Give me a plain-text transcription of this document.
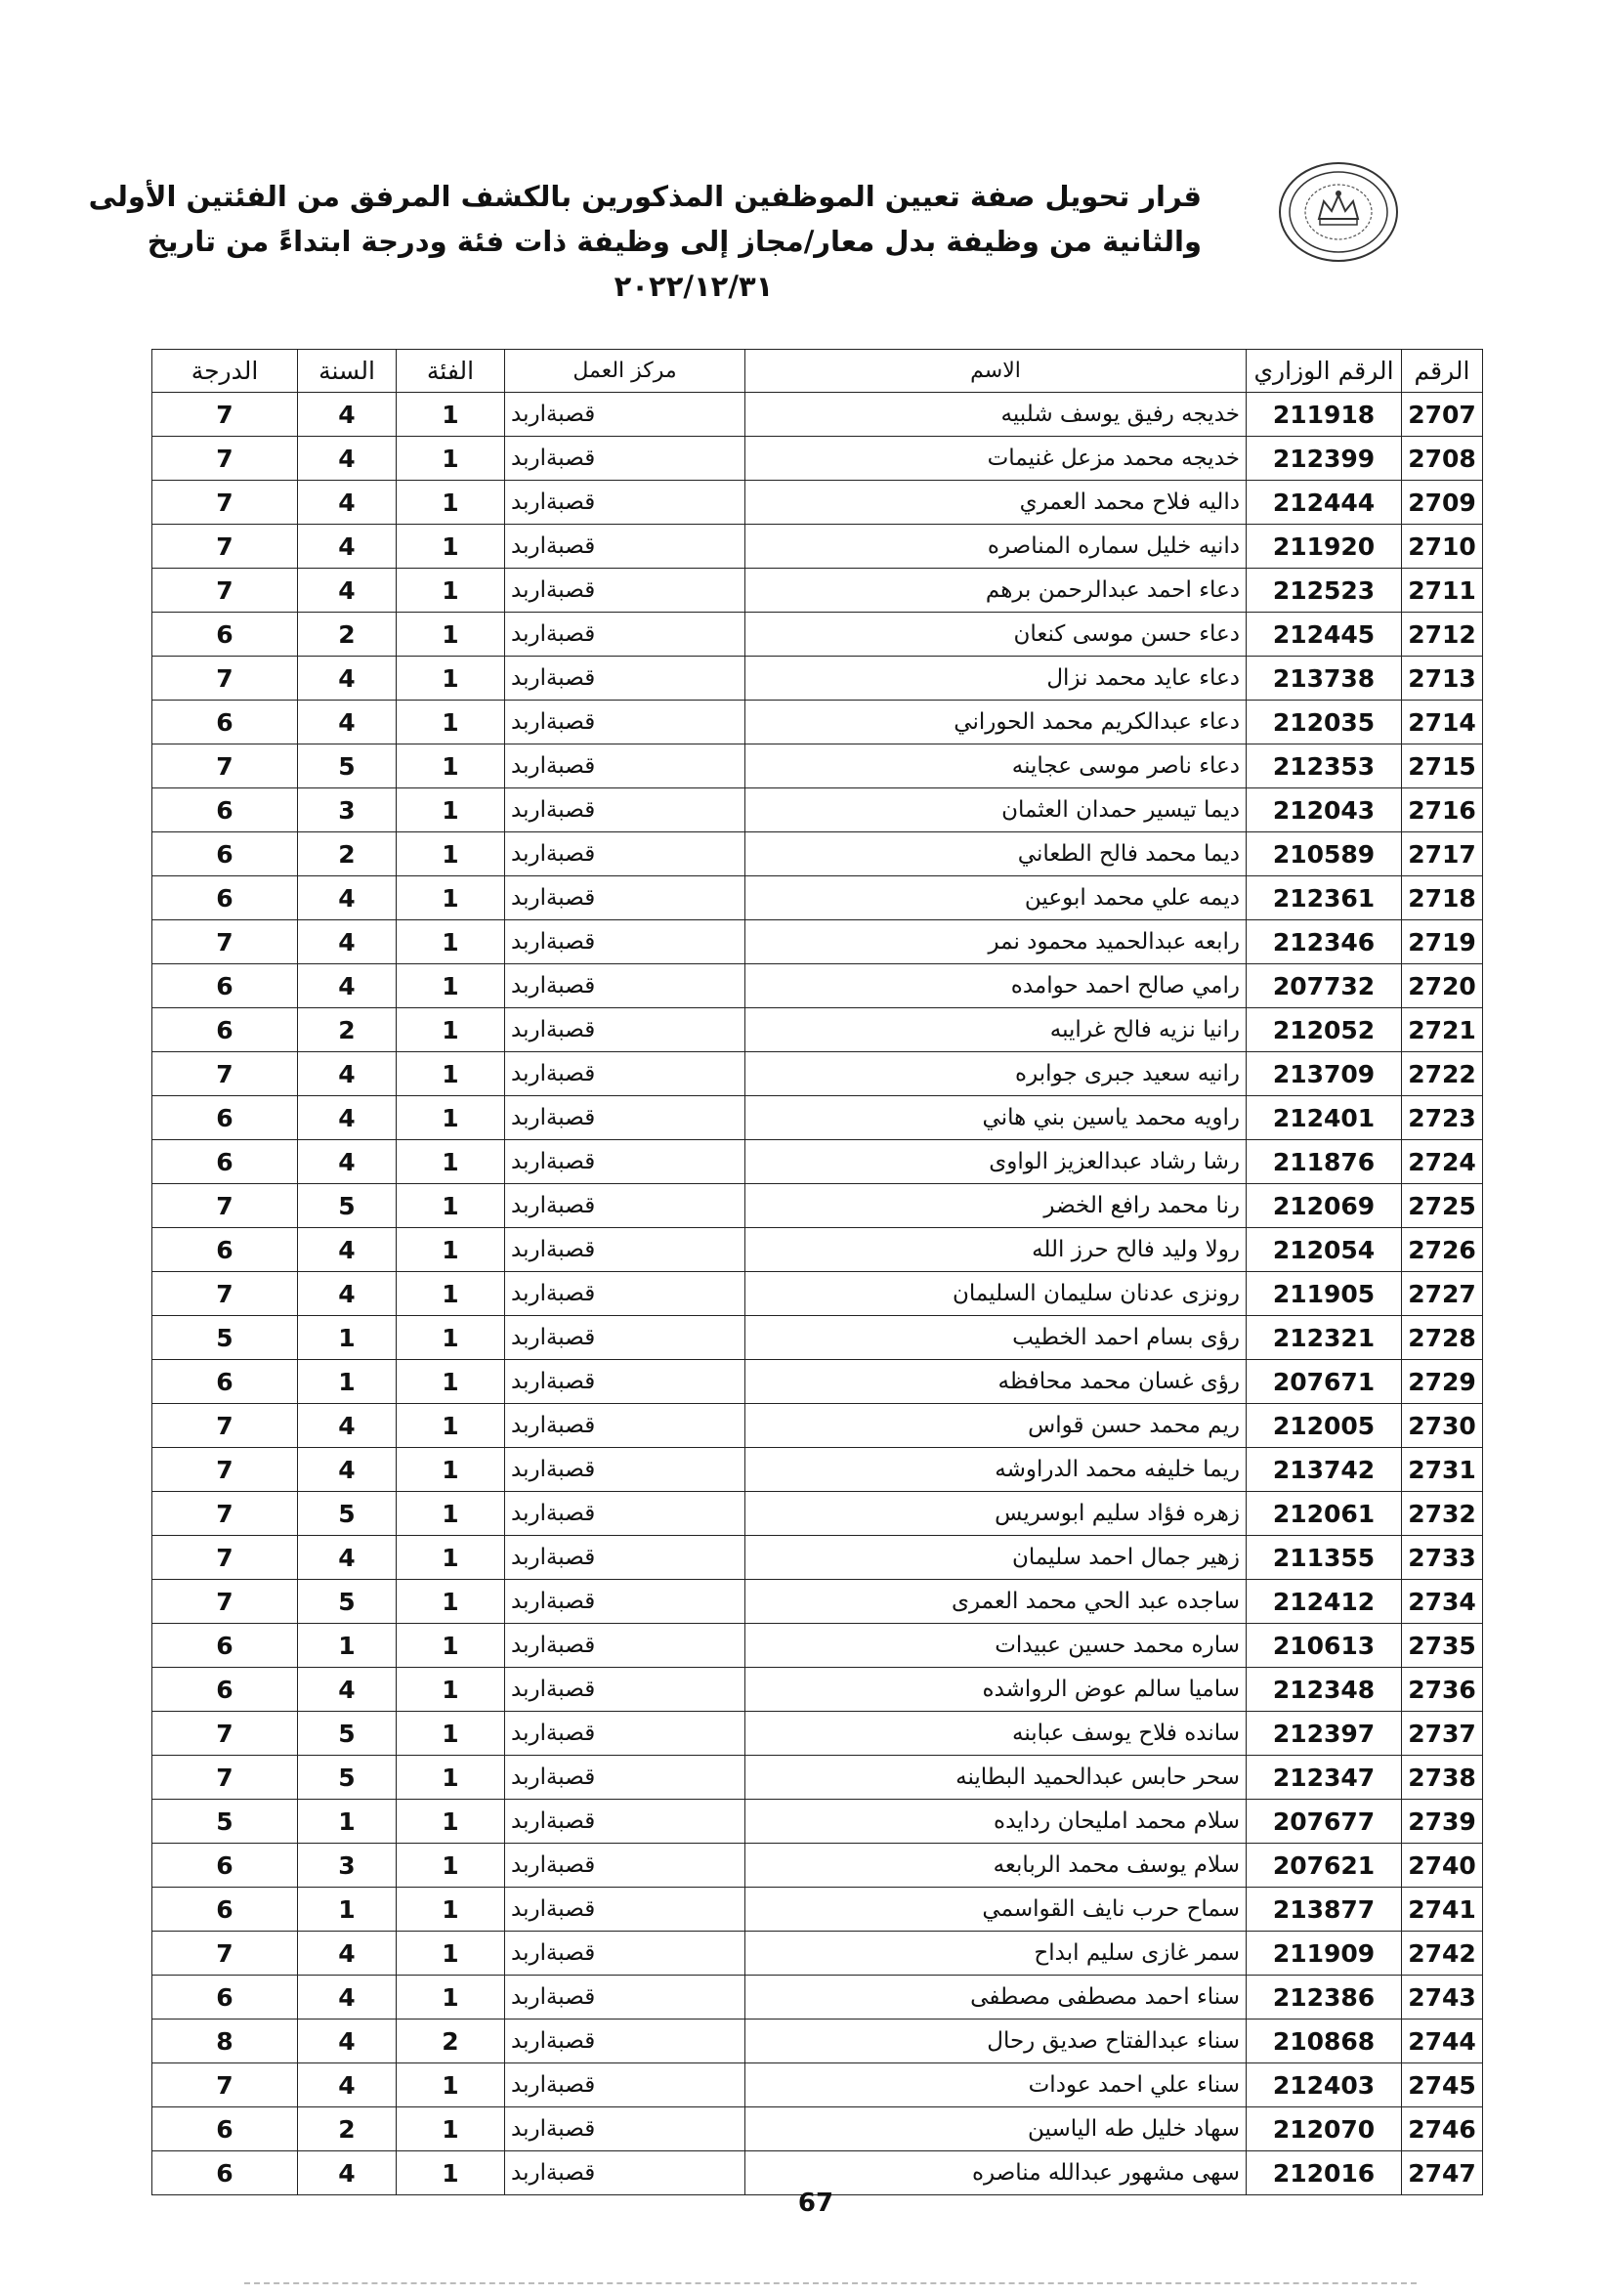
قرار تحويل صفة تعيين الموظفين المذكورين بالكشف المرفق من الفئتين الأولى
والثانية من وظيفة بدل معار/مجاز إلى وظيفة ذات فئة ودرجة ابتداءً من تاريخ
٢٠٢٢/١٢/٣١
الرقم	الرقم الوزاري	الاسم	مركز العمل	الفئة	السنة	الدرجة
2707	211918	خديجه رفيق يوسف شلبيه	قصبةاربد	1	4	7
2708	212399	خديجه محمد مزعل غنيمات	قصبةاربد	1	4	7
2709	212444	داليه فلاح محمد العمري	قصبةاربد	1	4	7
2710	211920	دانيه خليل سماره المناصره	قصبةاربد	1	4	7
2711	212523	دعاء احمد عبدالرحمن برهم	قصبةاربد	1	4	7
2712	212445	دعاء حسن موسى كنعان	قصبةاربد	1	2	6
2713	213738	دعاء عايد محمد نزال	قصبةاربد	1	4	7
2714	212035	دعاء عبدالكريم محمد الحوراني	قصبةاربد	1	4	6
2715	212353	دعاء ناصر موسى عجاينه	قصبةاربد	1	5	7
2716	212043	ديما تيسير حمدان العثمان	قصبةاربد	1	3	6
2717	210589	ديما محمد فالح الطعاني	قصبةاربد	1	2	6
2718	212361	ديمه علي محمد ابوعين	قصبةاربد	1	4	6
2719	212346	رابعه عبدالحميد محمود نمر	قصبةاربد	1	4	7
2720	207732	رامي صالح احمد حوامده	قصبةاربد	1	4	6
2721	212052	رانيا نزيه فالح غرايبه	قصبةاربد	1	2	6
2722	213709	رانيه سعيد جبرى جوابره	قصبةاربد	1	4	7
2723	212401	راويه محمد ياسين بني هاني	قصبةاربد	1	4	6
2724	211876	رشا رشاد عبدالعزيز الواوى	قصبةاربد	1	4	6
2725	212069	رنا محمد رافع الخضر	قصبةاربد	1	5	7
2726	212054	رولا وليد فالح حرز الله	قصبةاربد	1	4	6
2727	211905	رونزى عدنان سليمان السليمان	قصبةاربد	1	4	7
2728	212321	رؤى بسام احمد الخطيب	قصبةاربد	1	1	5
2729	207671	رؤى غسان محمد محافظه	قصبةاربد	1	1	6
2730	212005	ريم محمد حسن قواس	قصبةاربد	1	4	7
2731	213742	ريما خليفه محمد الدراوشه	قصبةاربد	1	4	7
2732	212061	زهره فؤاد سليم ابوسريس	قصبةاربد	1	5	7
2733	211355	زهير جمال احمد سليمان	قصبةاربد	1	4	7
2734	212412	ساجده عبد الحي محمد العمرى	قصبةاربد	1	5	7
2735	210613	ساره محمد حسين عبيدات	قصبةاربد	1	1	6
2736	212348	ساميا سالم عوض الرواشده	قصبةاربد	1	4	6
2737	212397	سانده فلاح يوسف عبابنه	قصبةاربد	1	5	7
2738	212347	سحر حابس عبدالحميد البطاينه	قصبةاربد	1	5	7
2739	207677	سلام محمد امليحان ردايده	قصبةاربد	1	1	5
2740	207621	سلام يوسف محمد الربابعه	قصبةاربد	1	3	6
2741	213877	سماح حرب نايف القواسمي	قصبةاربد	1	1	6
2742	211909	سمر غازى سليم ابداح	قصبةاربد	1	4	7
2743	212386	سناء احمد مصطفى مصطفى	قصبةاربد	1	4	6
2744	210868	سناء عبدالفتاح صديق رحال	قصبةاربد	2	4	8
2745	212403	سناء علي احمد عودات	قصبةاربد	1	4	7
2746	212070	سهاد خليل طه الياسين	قصبةاربد	1	2	6
2747	212016	سهى مشهور عبدالله مناصره	قصبةاربد	1	4	6
67
